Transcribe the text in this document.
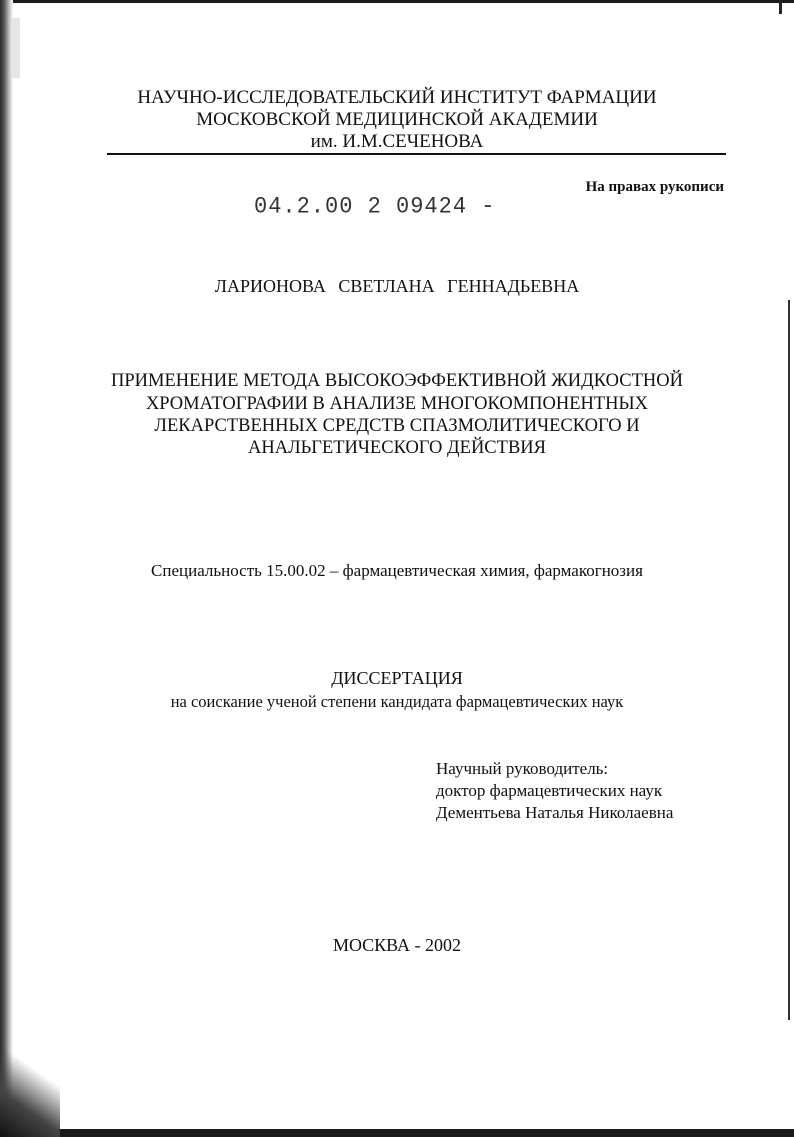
НАУЧНО-ИССЛЕДОВАТЕЛЬСКИЙ ИНСТИТУТ ФАРМАЦИИ
МОСКОВСКОЙ МЕДИЦИНСКОЙ АКАДЕМИИ
им. И.М.СЕЧЕНОВА
На правах рукописи
04.2.00 2 09424 -
ЛАРИОНОВА СВЕТЛАНА ГЕННАДЬЕВНА
ПРИМЕНЕНИЕ МЕТОДА ВЫСОКОЭФФЕКТИВНОЙ ЖИДКОСТНОЙ
ХРОМАТОГРАФИИ В АНАЛИЗЕ МНОГОКОМПОНЕНТНЫХ
ЛЕКАРСТВЕННЫХ СРЕДСТВ СПАЗМОЛИТИЧЕСКОГО И
АНАЛЬГЕТИЧЕСКОГО ДЕЙСТВИЯ
Специальность 15.00.02 – фармацевтическая химия, фармакогнозия
ДИССЕРТАЦИЯ
на соискание ученой степени кандидата фармацевтических наук
Научный руководитель:
доктор фармацевтических наук
Дементьева Наталья Николаевна
МОСКВА - 2002
